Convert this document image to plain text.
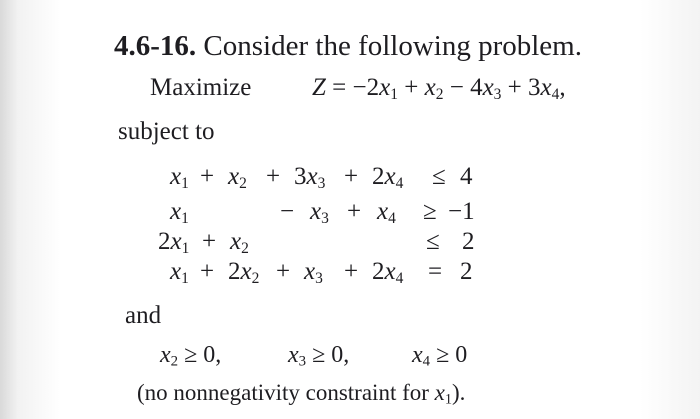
4.6-16. Consider the following problem.
Maximize $Z = -2x_1 + x_2 - 4x_3 + 3x_4$,
subject to
$x_1 + x_2 + 3x_3 + 2x_4 \le 4$
$x_1$	− $x_3 + x_4 \ge -1$
$2x_1 + x_2$	≤ 2
$x_1 + 2x_2 + x_3 + 2x_4 = 2$
and
$x_2 \ge 0$,	$x_3 \ge 0$,	$x_4 \ge 0$
(no nonnegativity constraint for $x_1$).
